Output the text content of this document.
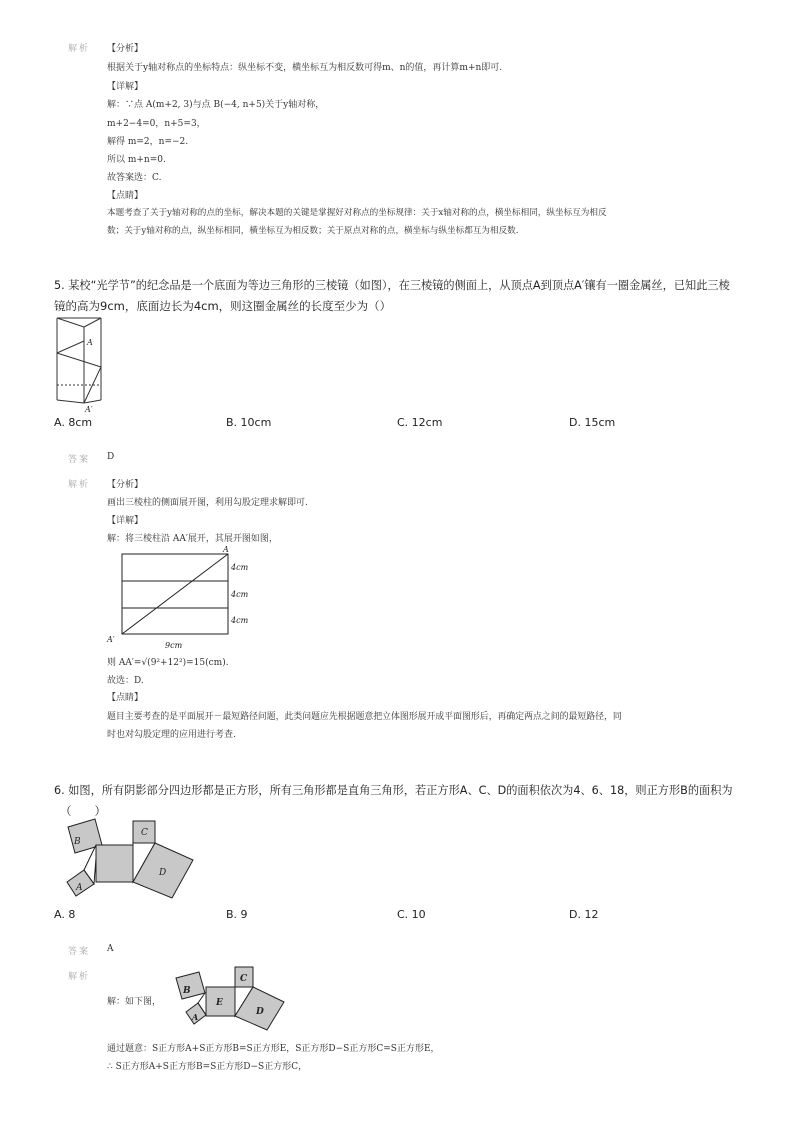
解析 【分析】
根据关于y轴对称点的坐标特点：纵坐标不变，横坐标互为相反数可得m、n的值，再计算m+n即可.
【详解】
解：∵点 A(m+2, 3)与点 B(−4, n+5)关于y轴对称，
m+2−4=0，n+5=3，
解得 m=2，n=−2.
所以 m+n=0.
故答案选：C.
【点睛】
本题考查了关于y轴对称的点的坐标，解决本题的关键是掌握好对称点的坐标规律：关于x轴对称的点，横坐标相同，纵坐标互为相反
数；关于y轴对称的点，纵坐标相同，横坐标互为相反数；关于原点对称的点，横坐标与纵坐标都互为相反数.
5. 某校“光学节”的纪念品是一个底面为等边三角形的三棱镜（如图），在三棱镜的侧面上，从顶点A到顶点A′镶有一圈金属丝，已知此三棱
镜的高为9cm，底面边长为4cm，则这圈金属丝的长度至少为（）
A
A′
A. 8cm	B. 10cm	C. 12cm	D. 15cm
答案 D
解析 【分析】
画出三棱柱的侧面展开图，利用勾股定理求解即可.
【详解】
解：将三棱柱沿 AA′展开，其展开图如图，
A
A′
4cm
4cm
4cm
9cm
则 AA′=√(9²+12²)=15(cm).
故选：D.
【点睛】
题目主要考查的是平面展开－最短路径问题，此类问题应先根据题意把立体图形展开成平面图形后，再确定两点之间的最短路径，同
时也对勾股定理的应用进行考查.
6. 如图，所有阴影部分四边形都是正方形，所有三角形都是直角三角形，若正方形A、C、D的面积依次为4、6、18，则正方形B的面积为
（　　）
B
A
C
D
A. 8	B. 9	C. 10	D. 12
答案 A
解析
解：如下图，
B
A
E
C
D
通过题意：S正方形A+S正方形B=S正方形E，S正方形D−S正方形C=S正方形E，
∴ S正方形A+S正方形B=S正方形D−S正方形C，
